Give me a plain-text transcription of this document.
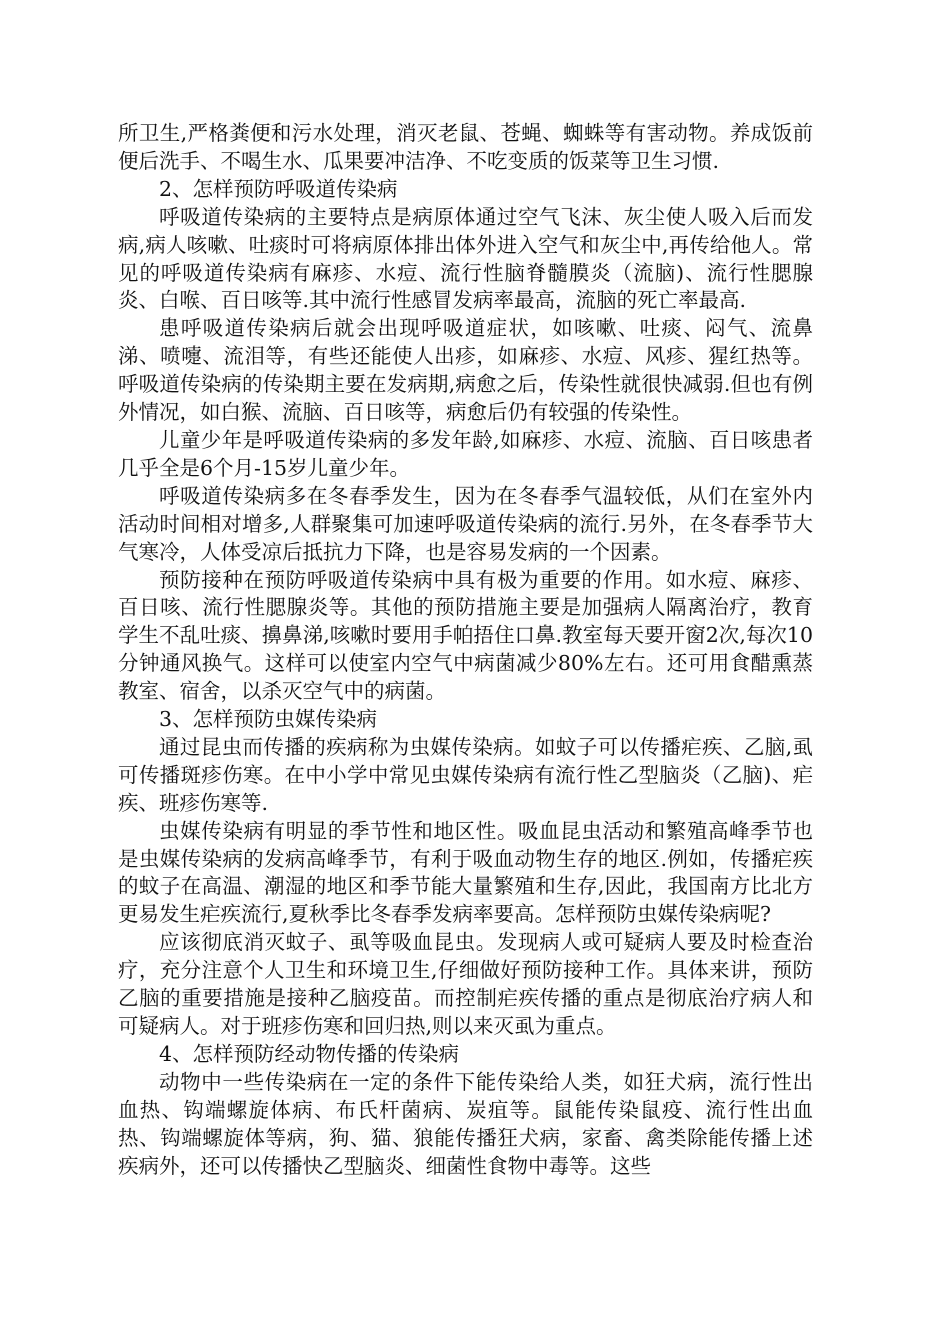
所卫生,严格粪便和污水处理，消灭老鼠、苍蝇、蜘蛛等有害动物。养成饭前便后洗手、不喝生水、瓜果要冲洁净、不吃变质的饭菜等卫生习惯.

2、怎样预防呼吸道传染病

呼吸道传染病的主要特点是病原体通过空气飞沫、灰尘使人吸入后而发病,病人咳嗽、吐痰时可将病原体排出体外进入空气和灰尘中,再传给他人。常见的呼吸道传染病有麻疹、水痘、流行性脑脊髓膜炎（流脑)、流行性腮腺炎、白喉、百日咳等.其中流行性感冒发病率最高，流脑的死亡率最高.

患呼吸道传染病后就会出现呼吸道症状，如咳嗽、吐痰、闷气、流鼻涕、喷嚏、流泪等，有些还能使人出疹，如麻疹、水痘、风疹、猩红热等。呼吸道传染病的传染期主要在发病期,病愈之后，传染性就很快减弱.但也有例外情况，如白猴、流脑、百日咳等，病愈后仍有较强的传染性。

儿童少年是呼吸道传染病的多发年龄,如麻疹、水痘、流脑、百日咳患者几乎全是6个月-15岁儿童少年。

呼吸道传染病多在冬春季发生，因为在冬春季气温较低，从们在室外内活动时间相对增多,人群聚集可加速呼吸道传染病的流行.另外，在冬春季节大气寒冷，人体受凉后抵抗力下降，也是容易发病的一个因素。

预防接种在预防呼吸道传染病中具有极为重要的作用。如水痘、麻疹、百日咳、流行性腮腺炎等。其他的预防措施主要是加强病人隔离治疗，教育学生不乱吐痰、擤鼻涕,咳嗽时要用手帕捂住口鼻.教室每天要开窗2次,每次10分钟通风换气。这样可以使室内空气中病菌减少80%左右。还可用食醋熏蒸教室、宿舍，以杀灭空气中的病菌。

3、怎样预防虫媒传染病

通过昆虫而传播的疾病称为虫媒传染病。如蚊子可以传播疟疾、乙脑,虱可传播斑疹伤寒。在中小学中常见虫媒传染病有流行性乙型脑炎（乙脑)、疟疾、班疹伤寒等.

虫媒传染病有明显的季节性和地区性。吸血昆虫活动和繁殖高峰季节也是虫媒传染病的发病高峰季节，有利于吸血动物生存的地区.例如，传播疟疾的蚊子在高温、潮湿的地区和季节能大量繁殖和生存,因此，我国南方比北方更易发生疟疾流行,夏秋季比冬春季发病率要高。怎样预防虫媒传染病呢?

应该彻底消灭蚊子、虱等吸血昆虫。发现病人或可疑病人要及时检查治疗，充分注意个人卫生和环境卫生,仔细做好预防接种工作。具体来讲，预防乙脑的重要措施是接种乙脑疫苗。而控制疟疾传播的重点是彻底治疗病人和可疑病人。对于班疹伤寒和回归热,则以来灭虱为重点。

4、怎样预防经动物传播的传染病

动物中一些传染病在一定的条件下能传染给人类，如狂犬病，流行性出血热、钩端螺旋体病、布氏杆菌病、炭疽等。鼠能传染鼠疫、流行性出血热、钩端螺旋体等病，狗、猫、狼能传播狂犬病，家畜、禽类除能传播上述疾病外，还可以传播快乙型脑炎、细菌性食物中毒等。这些
